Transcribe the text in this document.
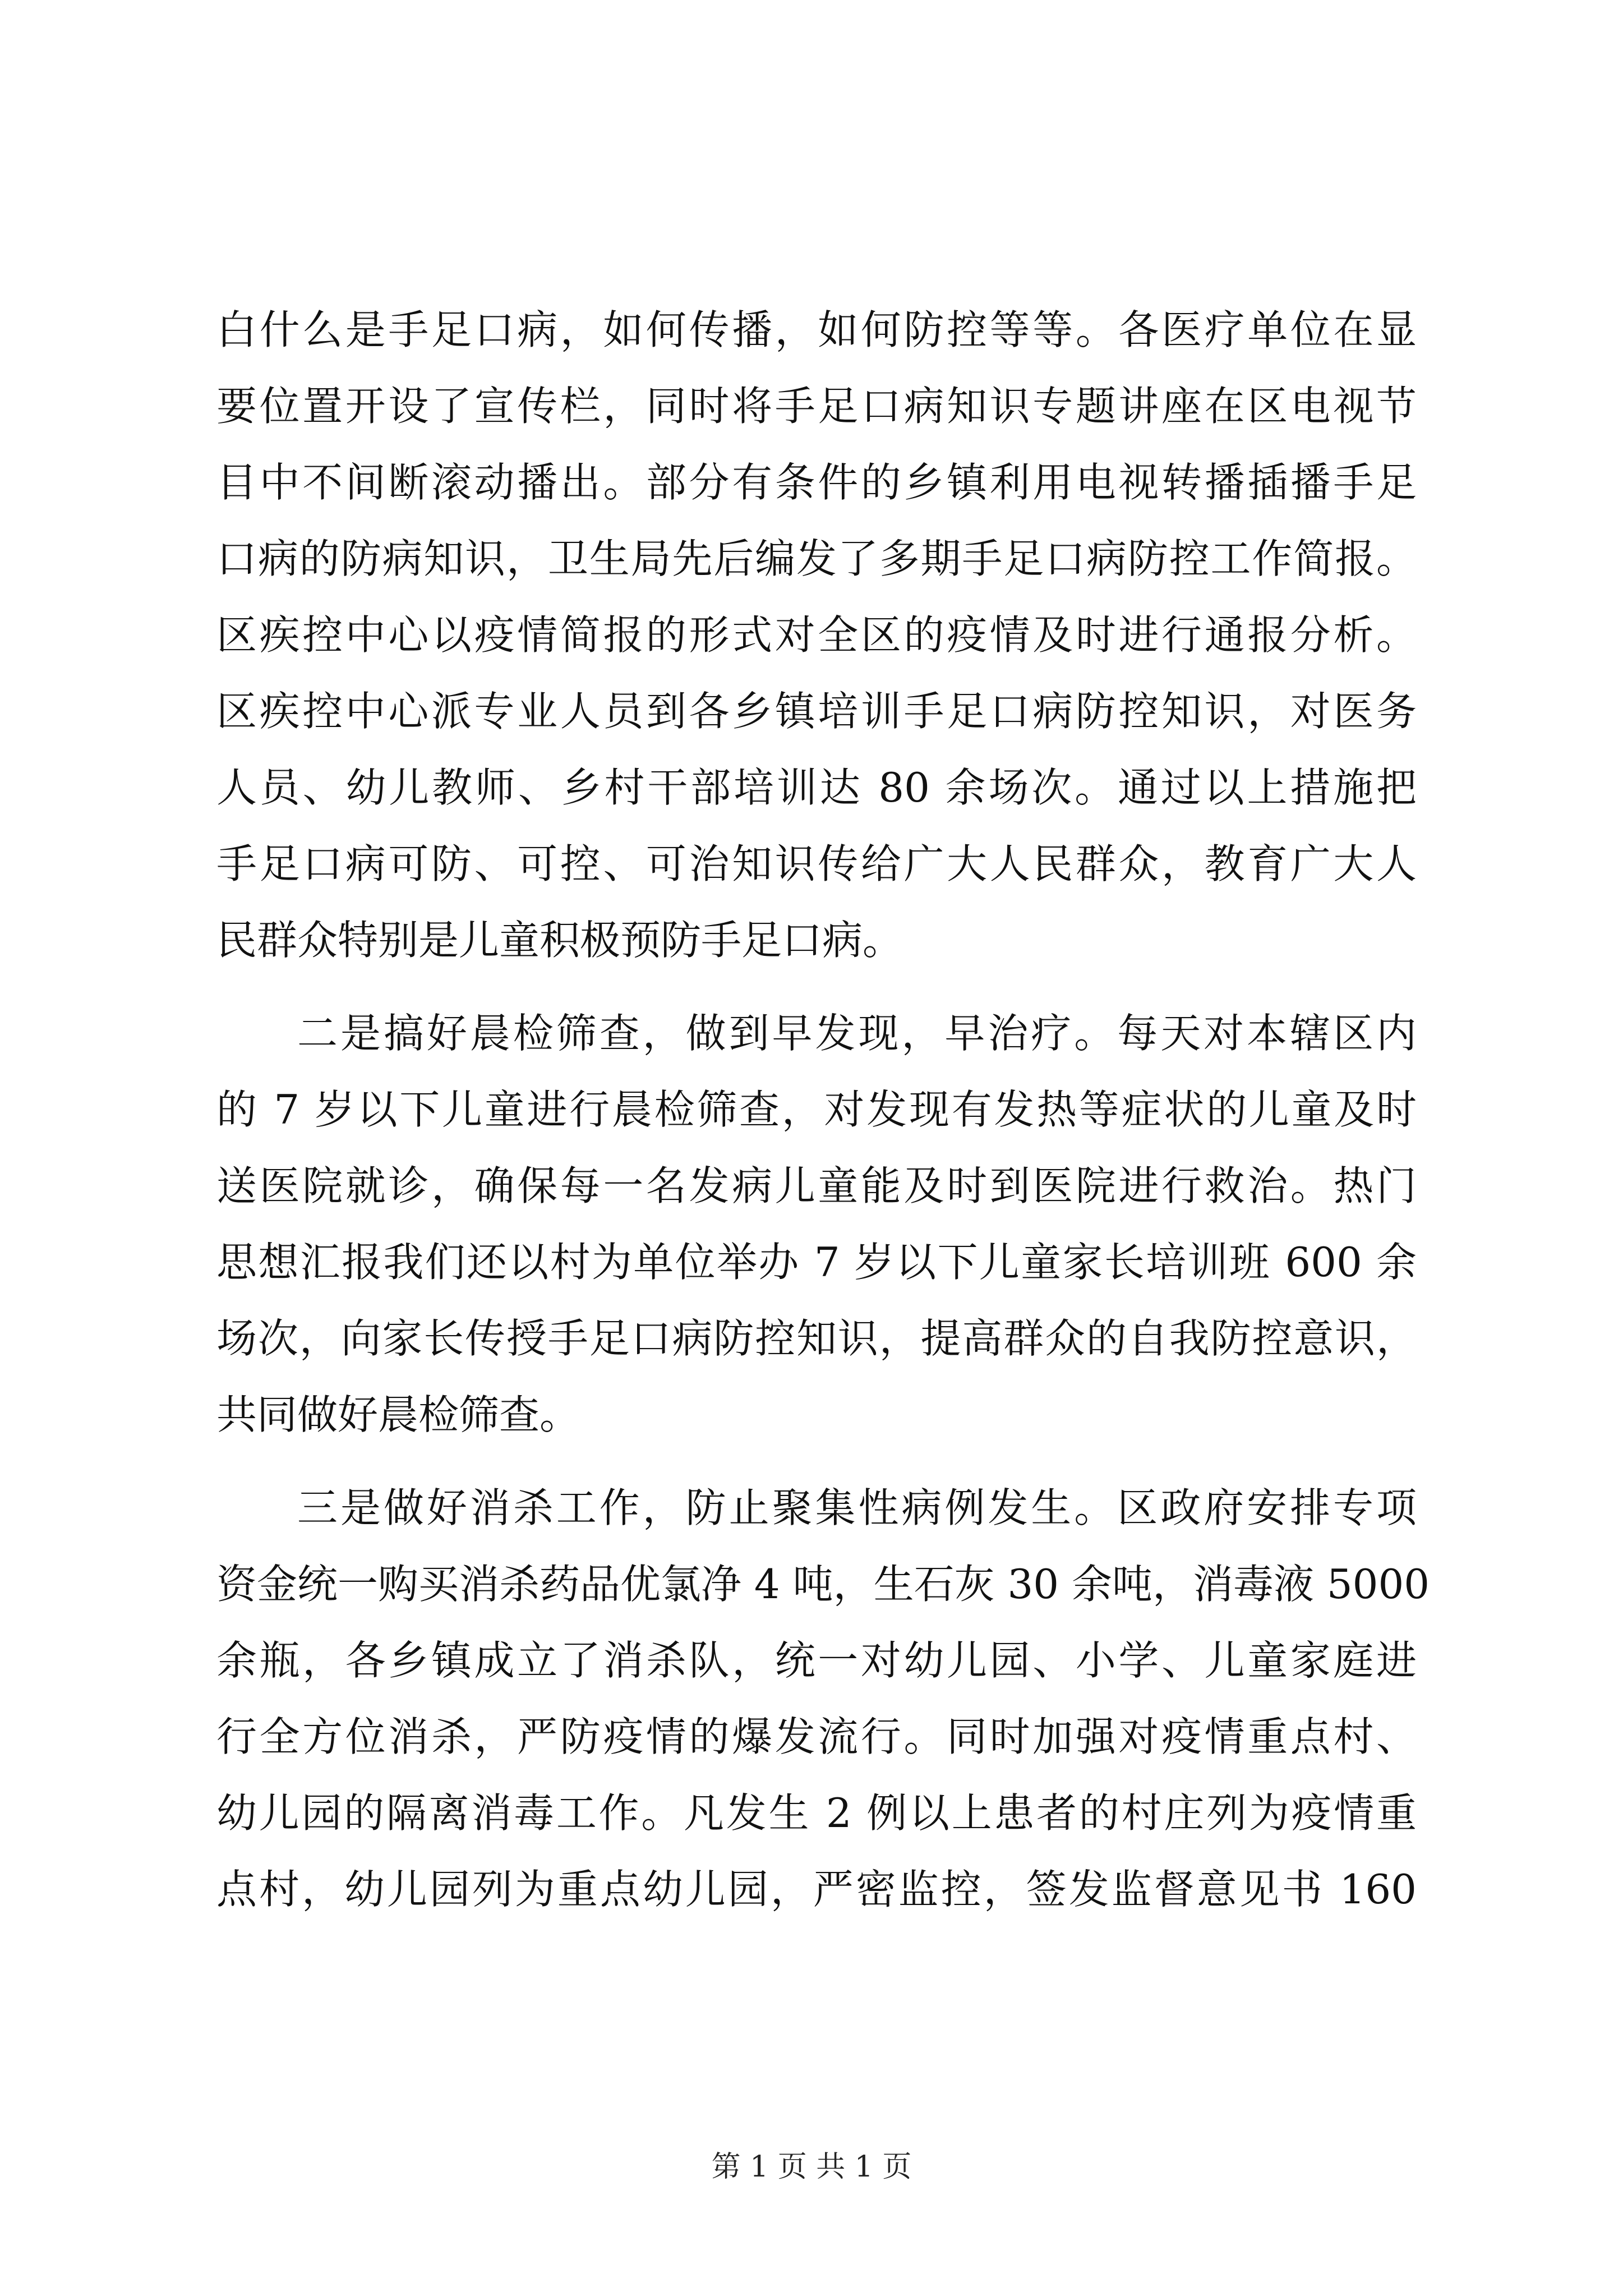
白什么是手足口病，如何传播，如何防控等等。各医疗单位在显
要位置开设了宣传栏，同时将手足口病知识专题讲座在区电视节
目中不间断滚动播出。部分有条件的乡镇利用电视转播插播手足
口病的防病知识，卫生局先后编发了多期手足口病防控工作简报。
区疾控中心以疫情简报的形式对全区的疫情及时进行通报分析。
区疾控中心派专业人员到各乡镇培训手足口病防控知识，对医务
人员、幼儿教师、乡村干部培训达 80 余场次。通过以上措施把
手足口病可防、可控、可治知识传给广大人民群众，教育广大人
民群众特别是儿童积极预防手足口病。
二是搞好晨检筛查，做到早发现，早治疗。每天对本辖区内
的 7 岁以下儿童进行晨检筛查，对发现有发热等症状的儿童及时
送医院就诊，确保每一名发病儿童能及时到医院进行救治。热门
思想汇报我们还以村为单位举办 7 岁以下儿童家长培训班 600 余
场次，向家长传授手足口病防控知识，提高群众的自我防控意识，
共同做好晨检筛查。
三是做好消杀工作，防止聚集性病例发生。区政府安排专项
资金统一购买消杀药品优氯净 4 吨，生石灰 30 余吨，消毒液 5000
余瓶，各乡镇成立了消杀队，统一对幼儿园、小学、儿童家庭进
行全方位消杀，严防疫情的爆发流行。同时加强对疫情重点村、
幼儿园的隔离消毒工作。凡发生 2 例以上患者的村庄列为疫情重
点村，幼儿园列为重点幼儿园，严密监控，签发监督意见书 160
第 1 页 共 1 页
